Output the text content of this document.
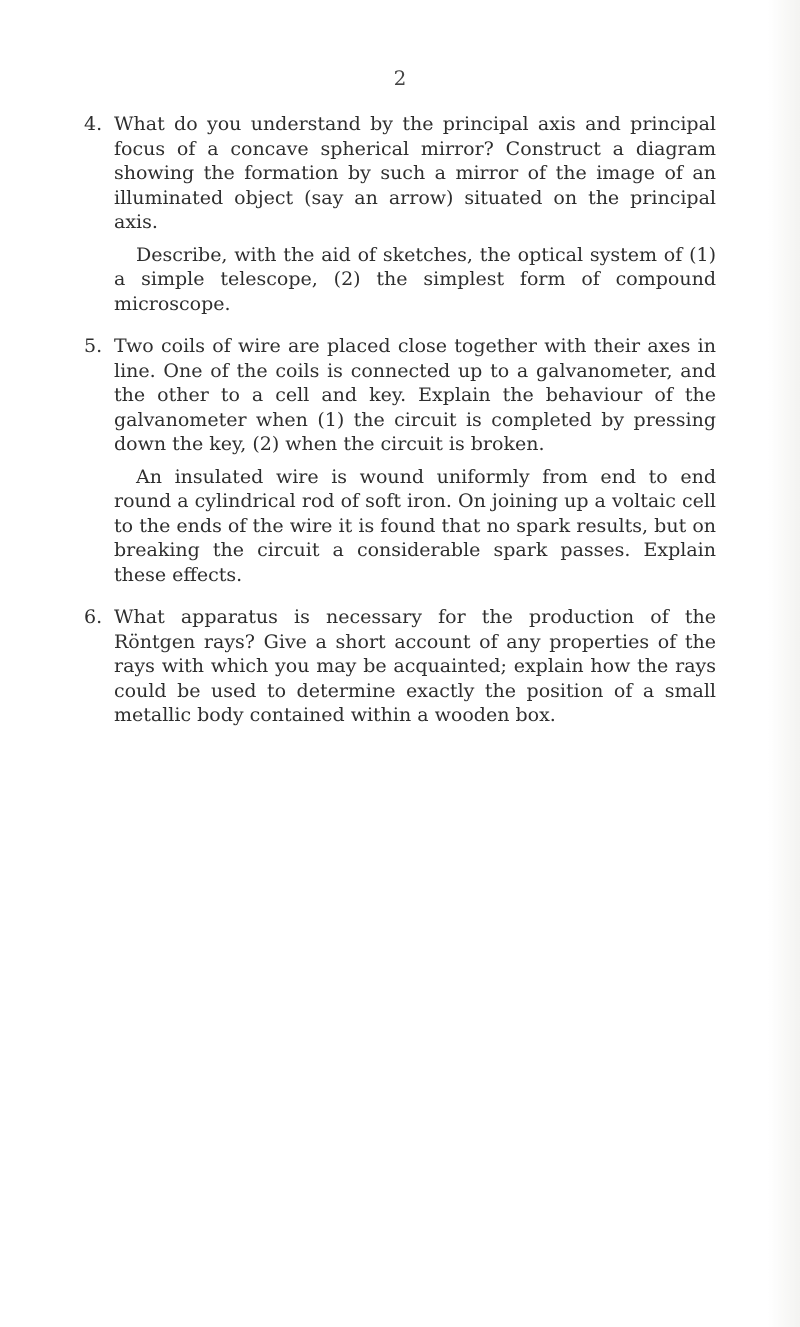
2
4. What do you understand by the principal axis and principal focus of a concave spherical mirror? Construct a diagram showing the formation by such a mirror of the image of an illuminated object (say an arrow) situated on the principal axis.

Describe, with the aid of sketches, the optical system of (1) a simple telescope, (2) the simplest form of compound microscope.

5. Two coils of wire are placed close together with their axes in line. One of the coils is connected up to a galvanometer, and the other to a cell and key. Explain the behaviour of the galvanometer when (1) the circuit is completed by pressing down the key, (2) when the circuit is broken.

An insulated wire is wound uniformly from end to end round a cylindrical rod of soft iron. On joining up a voltaic cell to the ends of the wire it is found that no spark results, but on breaking the circuit a considerable spark passes. Explain these effects.

6. What apparatus is necessary for the production of the Röntgen rays? Give a short account of any properties of the rays with which you may be acquainted; explain how the rays could be used to determine exactly the position of a small metallic body contained within a wooden box.
